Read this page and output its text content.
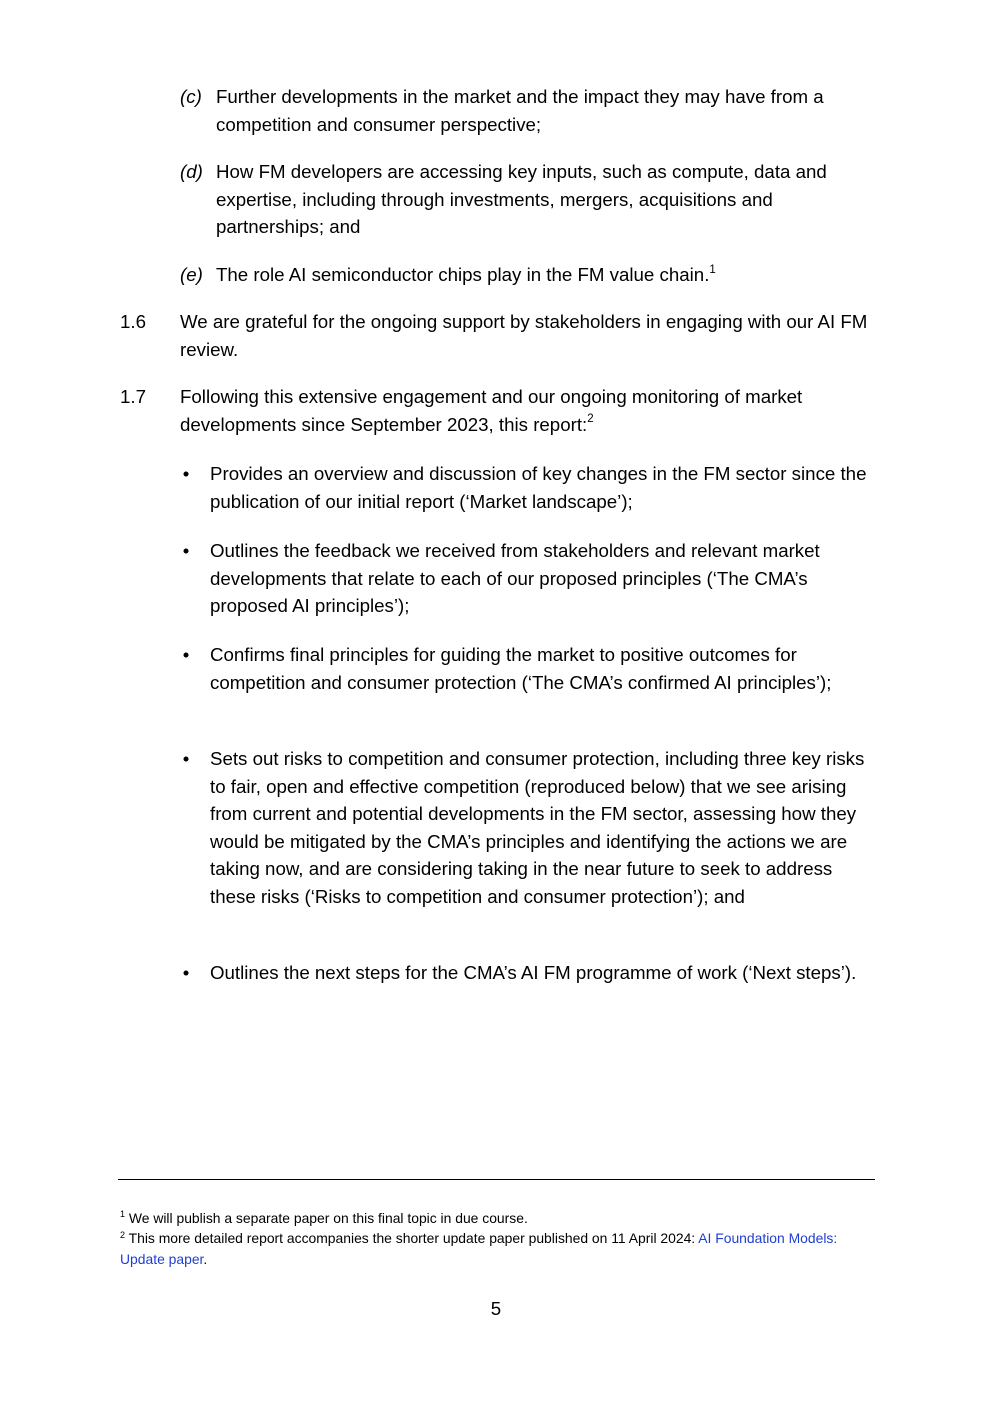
(c) Further developments in the market and the impact they may have from a competition and consumer perspective;
(d) How FM developers are accessing key inputs, such as compute, data and expertise, including through investments, mergers, acquisitions and partnerships; and
(e) The role AI semiconductor chips play in the FM value chain.$^1$
1.6 We are grateful for the ongoing support by stakeholders in engaging with our AI FM review.
1.7 Following this extensive engagement and our ongoing monitoring of market developments since September 2023, this report:$^2$
• Provides an overview and discussion of key changes in the FM sector since the publication of our initial report (‘Market landscape’);
• Outlines the feedback we received from stakeholders and relevant market developments that relate to each of our proposed principles (‘The CMA’s proposed AI principles’);
• Confirms final principles for guiding the market to positive outcomes for competition and consumer protection (‘The CMA’s confirmed AI principles’);
• Sets out risks to competition and consumer protection, including three key risks to fair, open and effective competition (reproduced below) that we see arising from current and potential developments in the FM sector, assessing how they would be mitigated by the CMA’s principles and identifying the actions we are taking now, and are considering taking in the near future to seek to address these risks (‘Risks to competition and consumer protection’); and
• Outlines the next steps for the CMA’s AI FM programme of work (‘Next steps’).
$^1$ We will publish a separate paper on this final topic in due course.
$^2$ This more detailed report accompanies the shorter update paper published on 11 April 2024: AI Foundation Models: Update paper.
5
